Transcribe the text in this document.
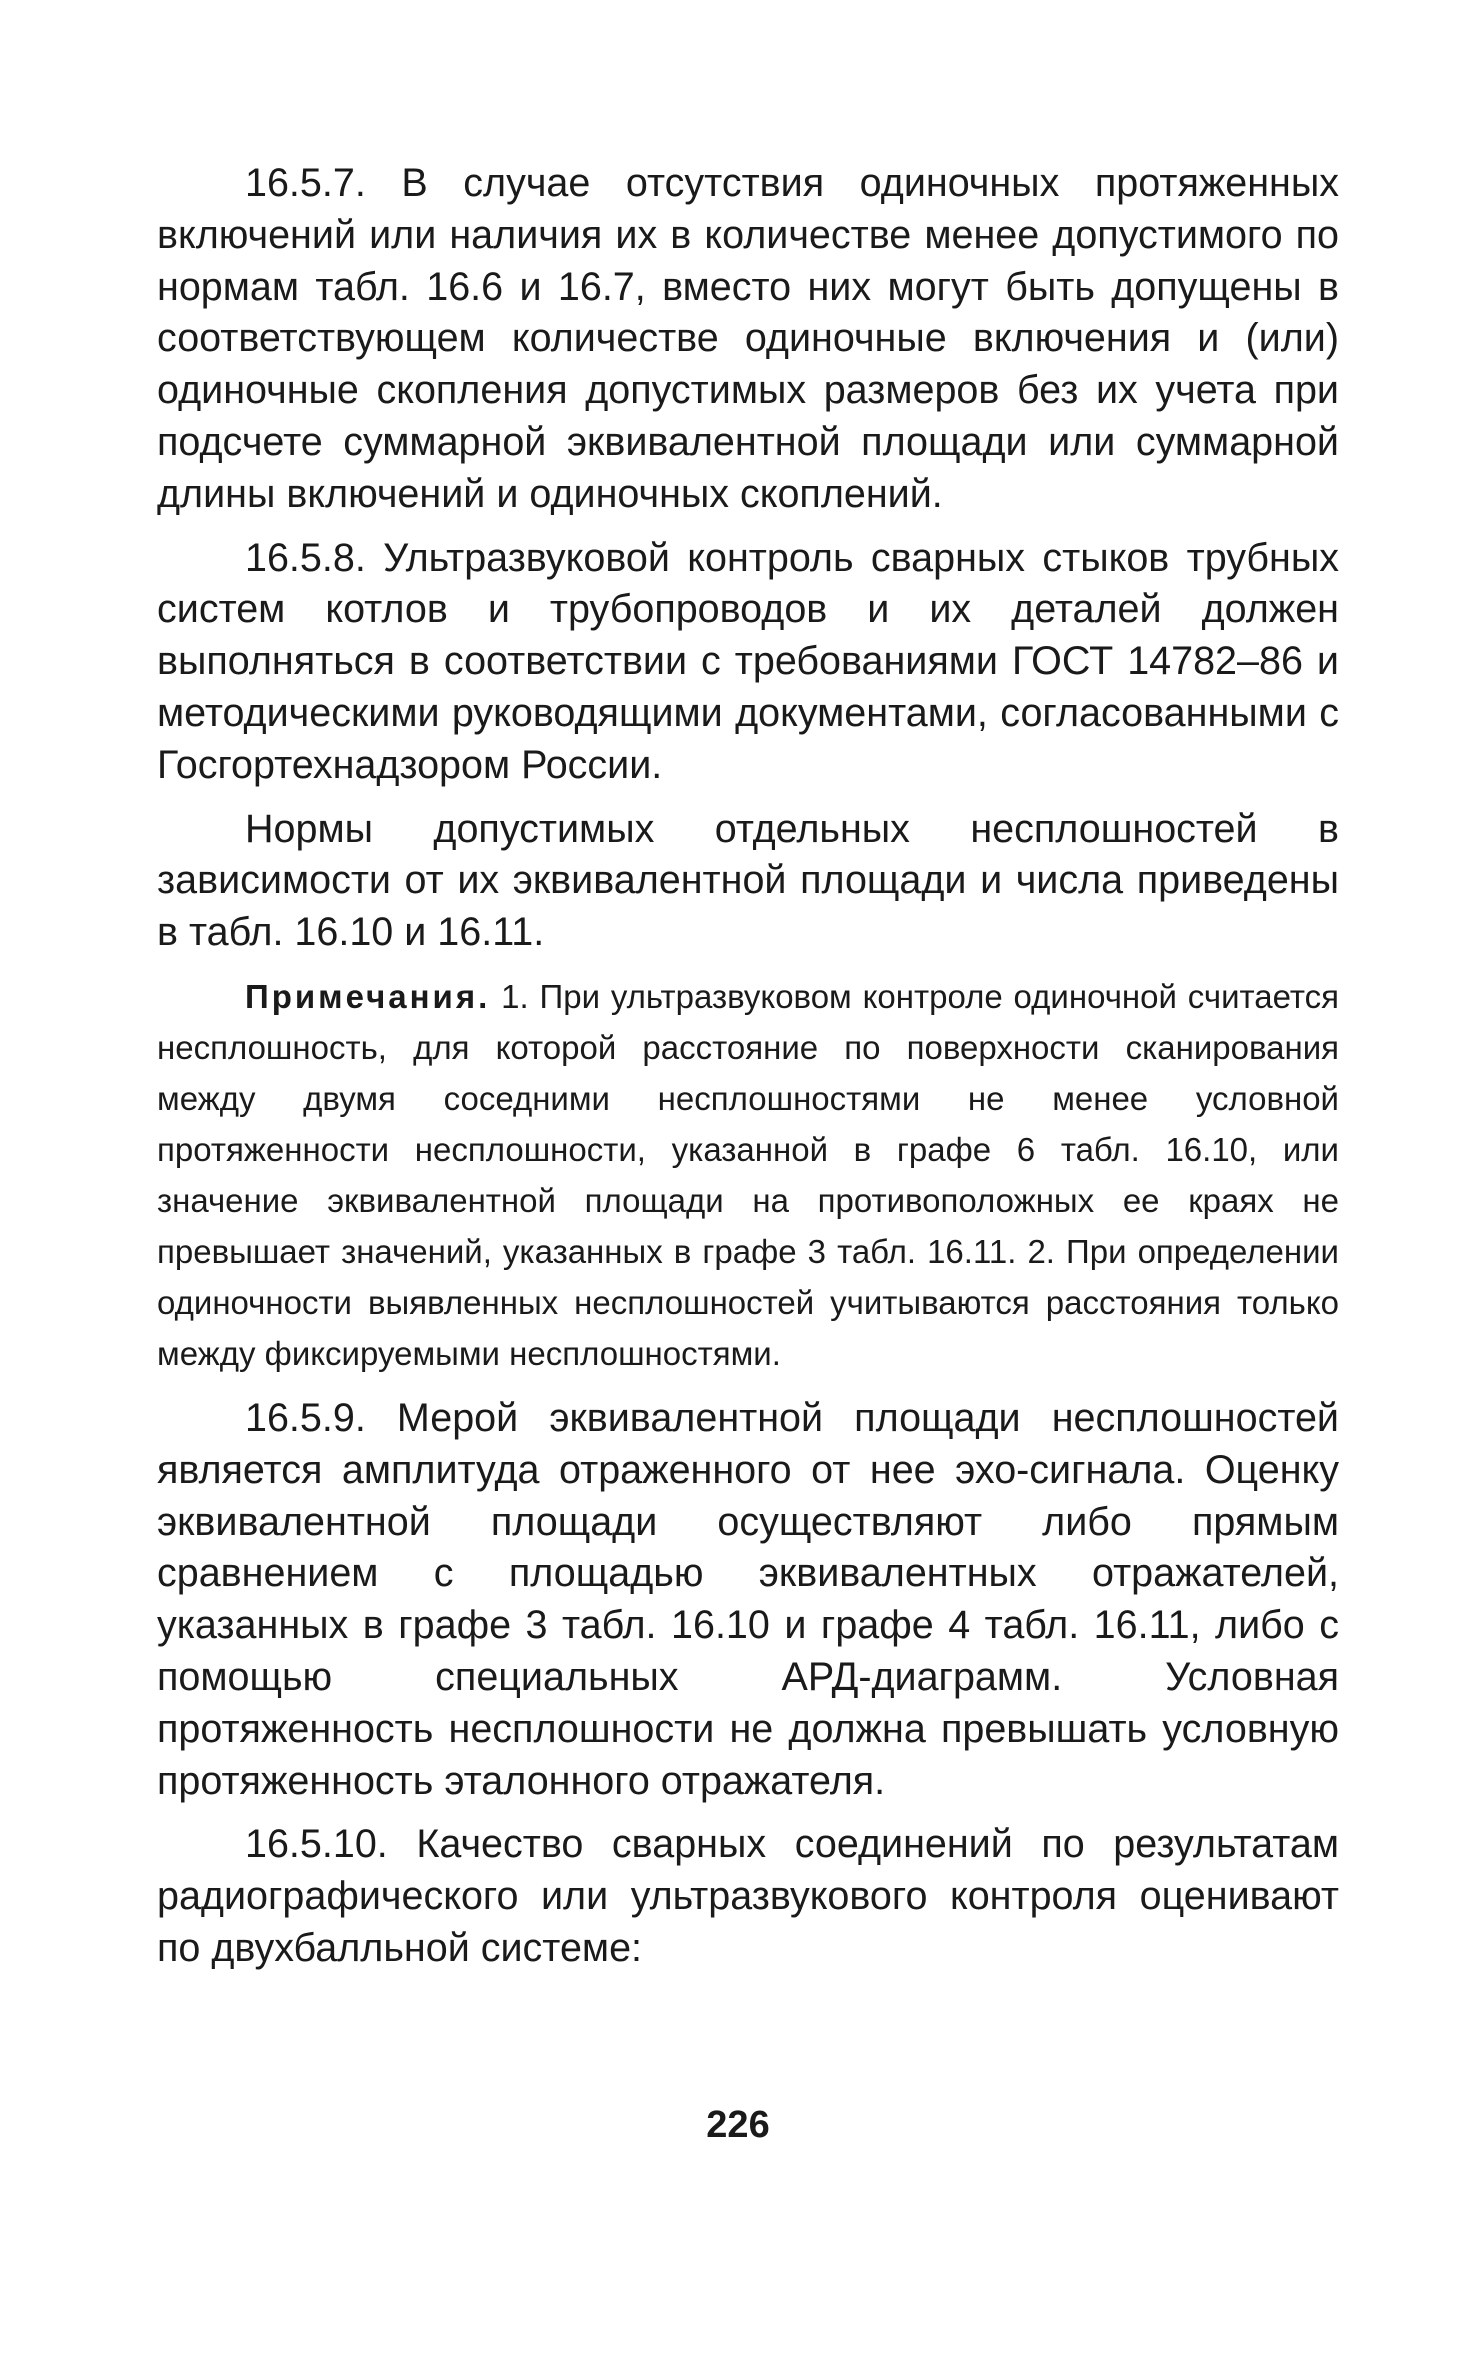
16.5.7. В случае отсутствия одиночных протяженных включений или наличия их в количестве менее допустимого по нормам табл. 16.6 и 16.7, вместо них могут быть допущены в соответствующем количестве одиночные включения и (или) одиночные скопления допустимых размеров без их учета при подсчете суммарной эквивалентной площади или суммарной длины включений и одиночных скоплений.

16.5.8. Ультразвуковой контроль сварных стыков трубных систем котлов и трубопроводов и их деталей должен выполняться в соответствии с требованиями ГОСТ 14782–86 и методическими руководящими документами, согласованными с Госгортехнадзором России.

Нормы допустимых отдельных несплошностей в зависимости от их эквивалентной площади и числа приведены в табл. 16.10 и 16.11.

Примечания. 1. При ультразвуковом контроле одиночной считается несплошность, для которой расстояние по поверхности сканирования между двумя соседними несплошностями не менее условной протяженности несплошности, указанной в графе 6 табл. 16.10, или значение эквивалентной площади на противоположных ее краях не превышает значений, указанных в графе 3 табл. 16.11. 2. При определении одиночности выявленных несплошностей учитываются расстояния только между фиксируемыми несплошностями.

16.5.9. Мерой эквивалентной площади несплошностей является амплитуда отраженного от нее эхо-сигнала. Оценку эквивалентной площади осуществляют либо прямым сравнением с площадью эквивалентных отражателей, указанных в графе 3 табл. 16.10 и графе 4 табл. 16.11, либо с помощью специальных АРД-диаграмм. Условная протяженность несплошности не должна превышать условную протяженность эталонного отражателя.

16.5.10. Качество сварных соединений по результатам радиографического или ультразвукового контроля оценивают по двухбалльной системе:

226
